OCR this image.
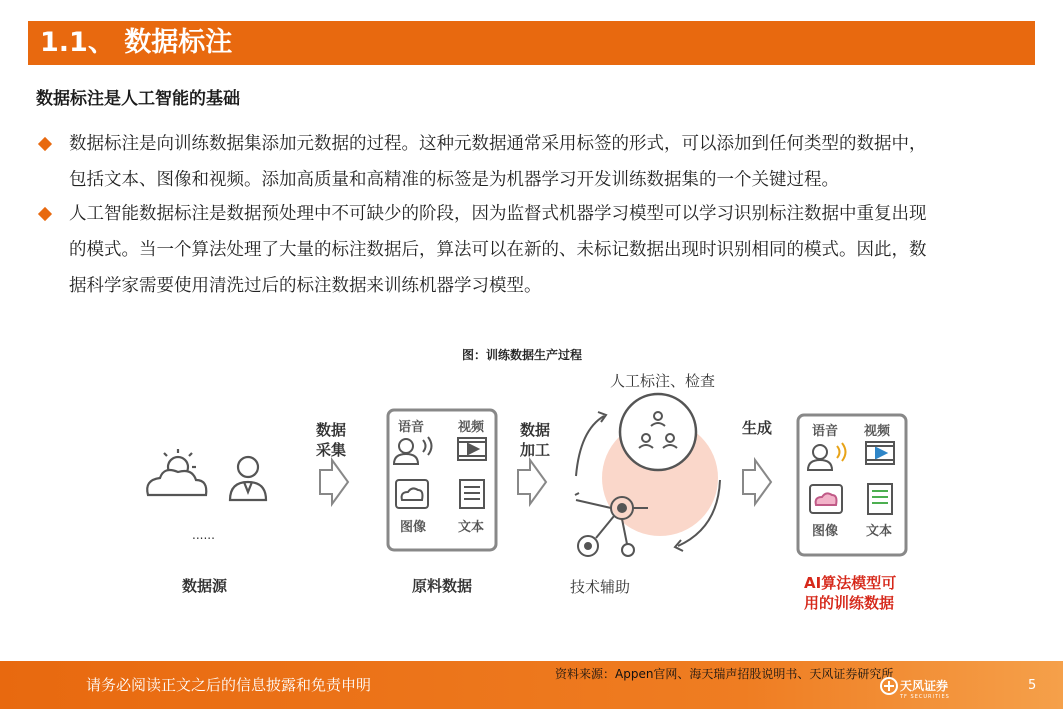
1.1、 数据标注
数据标注是人工智能的基础
数据标注是向训练数据集添加元数据的过程。这种元数据通常采用标签的形式，可以添加到任何类型的数据中，
包括文本、图像和视频。添加高质量和高精准的标签是为机器学习开发训练数据集的一个关键过程。
人工智能数据标注是数据预处理中不可缺少的阶段，因为监督式机器学习模型可以学习识别标注数据中重复出现
的模式。当一个算法处理了大量的标注数据后，算法可以在新的、未标记数据出现时识别相同的模式。因此，数
据科学家需要使用清洗过后的标注数据来训练机器学习模型。
图：训练数据生产过程
......
数据源
数据
采集
语音	视频
图像 文本
原料数据
数据
加工
人工标注、检查
技术辅助
生成	语音 视频
图像 文本
AI算法模型可
用的训练数据
请务必阅读正文之后的信息披露和免责申明
资料来源：Appen官网、海天瑞声招股说明书、天风证券研究所
天风证券
TF SECURITIES
5
